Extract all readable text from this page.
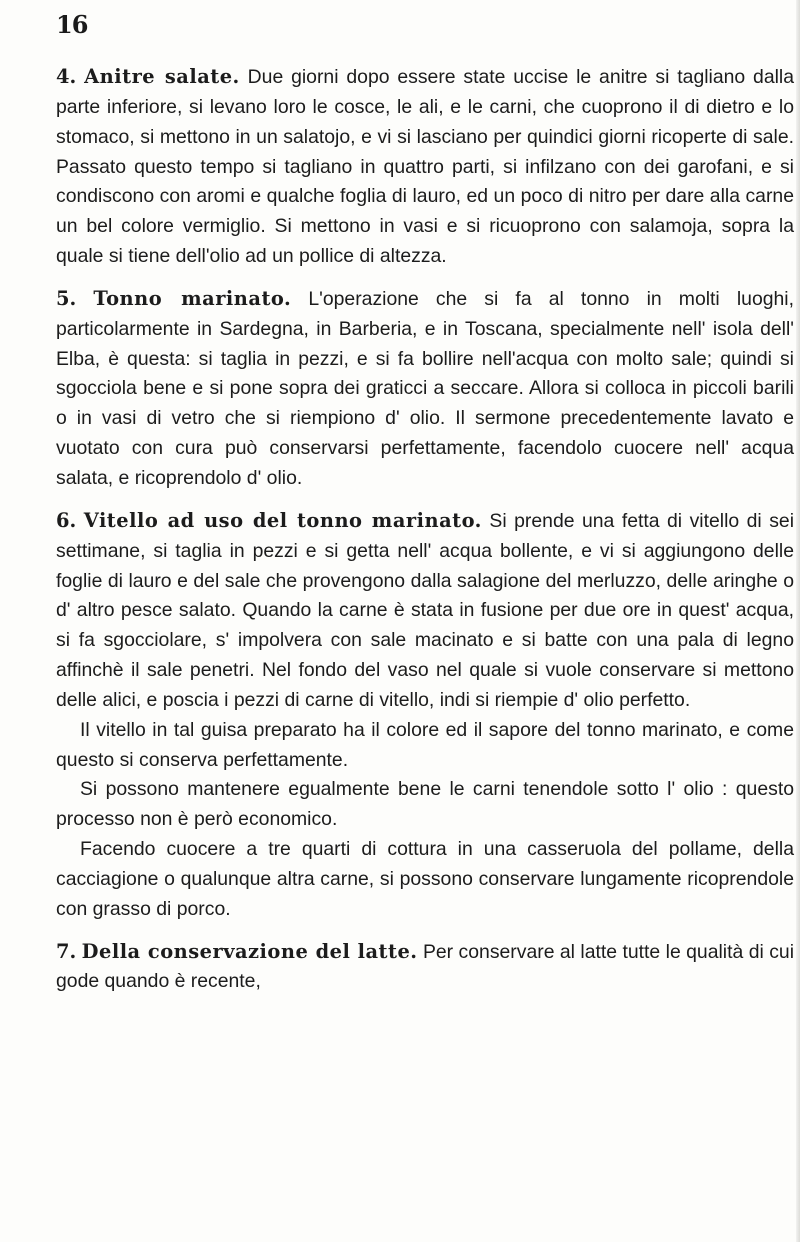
16

4. Anitre salate. Due giorni dopo essere state uccise le anitre si tagliano dalla parte inferiore, si levano loro le cosce, le ali, e le carni, che cuoprono il di dietro e lo stomaco, si mettono in un salatojo, e vi si lasciano per quindici giorni ricoperte di sale. Passato questo tempo si tagliano in quattro parti, si infilzano con dei garofani, e si condiscono con aromi e qualche foglia di lauro, ed un poco di nitro per dare alla carne un bel colore vermiglio. Si mettono in vasi e si ricuoprono con salamoja, sopra la quale si tiene dell'olio ad un pollice di altezza.

5. Tonno marinato. L'operazione che si fa al tonno in molti luoghi, particolarmente in Sardegna, in Barberia, e in Toscana, specialmente nell' isola dell' Elba, è questa: si taglia in pezzi, e si fa bollire nell'acqua con molto sale; quindi si sgocciola bene e si pone sopra dei graticci a seccare. Allora si colloca in piccoli barili o in vasi di vetro che si riempiono d' olio. Il sermone precedentemente lavato e vuotato con cura può conservarsi perfettamente, facendolo cuocere nell' acqua salata, e ricoprendolo d' olio.

6. Vitello ad uso del tonno marinato. Si prende una fetta di vitello di sei settimane, si taglia in pezzi e si getta nell' acqua bollente, e vi si aggiungono delle foglie di lauro e del sale che provengono dalla salagione del merluzzo, delle aringhe o d' altro pesce salato. Quando la carne è stata in fusione per due ore in quest' acqua, si fa sgocciolare, s' impolvera con sale macinato e si batte con una pala di legno affinchè il sale penetri. Nel fondo del vaso nel quale si vuole conservare si mettono delle alici, e poscia i pezzi di carne di vitello, indi si riempie d' olio perfetto.

Il vitello in tal guisa preparato ha il colore ed il sapore del tonno marinato, e come questo si conserva perfettamente.

Si possono mantenere egualmente bene le carni tenendole sotto l' olio : questo processo non è però economico.

Facendo cuocere a tre quarti di cottura in una casseruola del pollame, della cacciagione o qualunque altra carne, si possono conservare lungamente ricoprendole con grasso di porco.

7. Della conservazione del latte. Per conservare al latte tutte le qualità di cui gode quando è recente,
